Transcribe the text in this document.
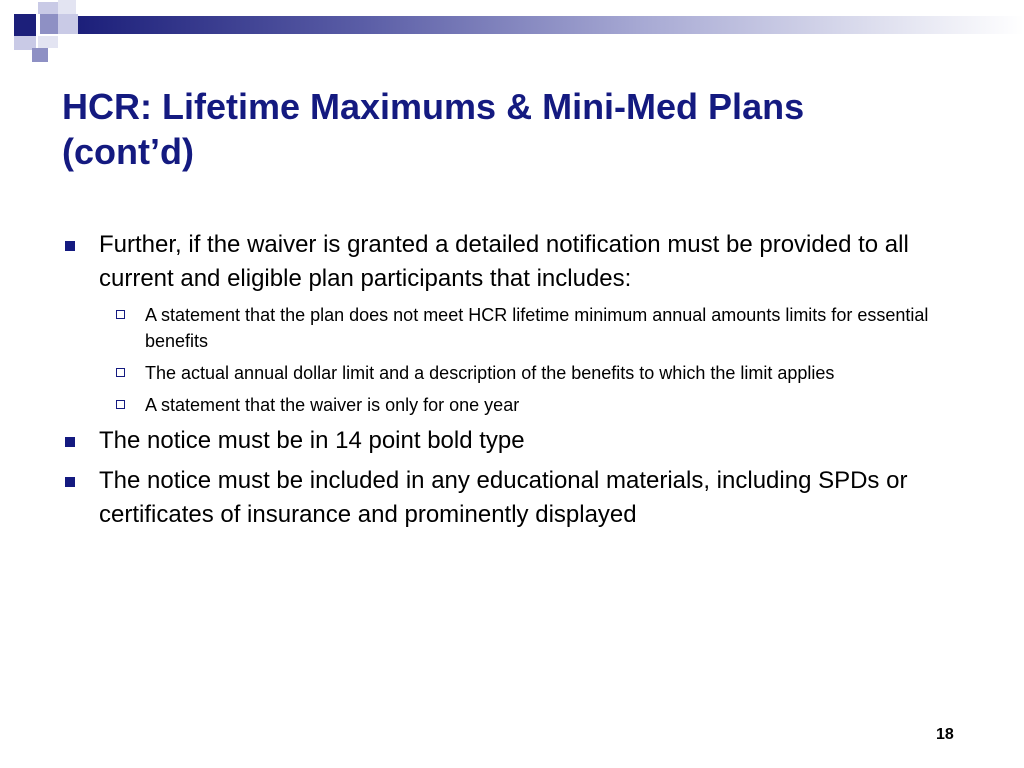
HCR: Lifetime Maximums & Mini-Med Plans
(cont’d)
Further, if the waiver is granted a detailed notification must be provided to all current and eligible plan participants that includes:
A statement that the plan does not meet HCR lifetime minimum annual amounts limits for essential benefits
The actual annual dollar limit and a description of the benefits to which the limit applies
A statement that the waiver is only for one year
The notice must be in 14 point bold type
The notice must be included in any educational materials, including SPDs or certificates of insurance and prominently displayed
18
